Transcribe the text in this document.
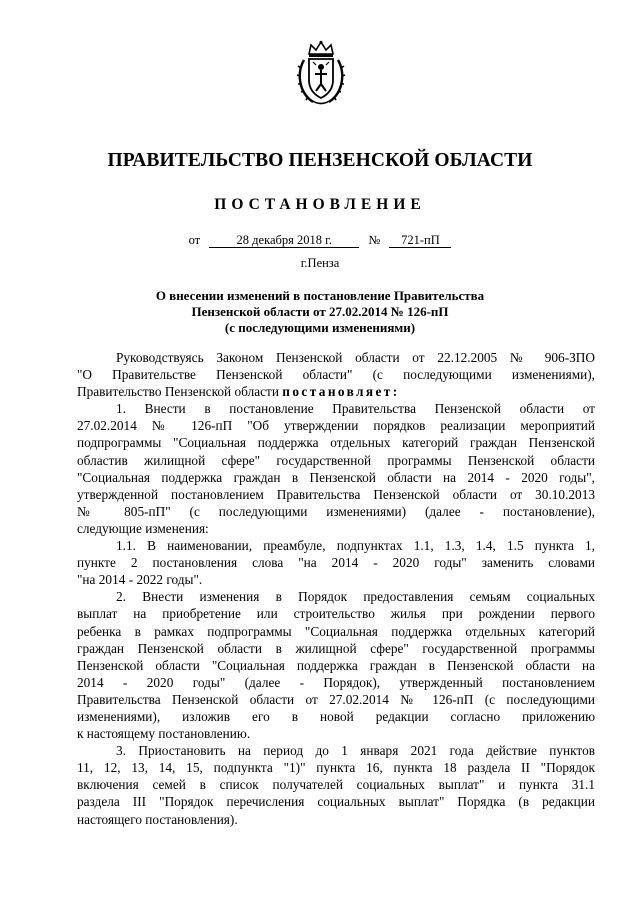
ПРАВИТЕЛЬСТВО ПЕНЗЕНСКОЙ ОБЛАСТИ
ПОСТАНОВЛЕНИЕ
от	28 декабря 2018 г.	№ 721-пП
г.Пенза
О внесении изменений в постановление Правительства
Пензенской области от 27.02.2014 № 126-пП
(с последующими изменениями)
Руководствуясь Законом Пензенской области от 22.12.2005 № 906-ЗПО
"О Правительстве Пензенской области" (с последующими изменениями),
Правительство Пензенской области постановляет:
1. Внести в постановление Правительства Пензенской области от
27.02.2014 № 126-пП "Об утверждении порядков реализации мероприятий
подпрограммы "Социальная поддержка отдельных категорий граждан Пензенской
областив жилищной сфере" государственной программы Пензенской области
"Социальная поддержка граждан в Пензенской области на 2014 - 2020 годы",
утвержденной постановлением Правительства Пензенской области от 30.10.2013
№ 805-пП" (с последующими изменениями) (далее - постановление),
следующие изменения:
1.1. В наименовании, преамбуле, подпунктах 1.1, 1.3, 1.4, 1.5 пункта 1,
пункте 2 постановления слова "на 2014 - 2020 годы" заменить словами
"на 2014 - 2022 годы".
2. Внести изменения в Порядок предоставления семьям социальных
выплат на приобретение или строительство жилья при рождении первого
ребенка в рамках подпрограммы "Социальная поддержка отдельных категорий
граждан Пензенской области в жилищной сфере" государственной программы
Пензенской области "Социальная поддержка граждан в Пензенской области на
2014 - 2020 годы" (далее - Порядок), утвержденный постановлением
Правительства Пензенской области от 27.02.2014 № 126-пП (с последующими
изменениями), изложив его в новой редакции согласно приложению
к настоящему постановлению.
3. Приостановить на период до 1 января 2021 года действие пунктов
11, 12, 13, 14, 15, подпункта "1)" пункта 16, пункта 18 раздела II "Порядок
включения семей в список получателей социальных выплат" и пункта 31.1
раздела III "Порядок перечисления социальных выплат" Порядка (в редакции
настоящего постановления).
